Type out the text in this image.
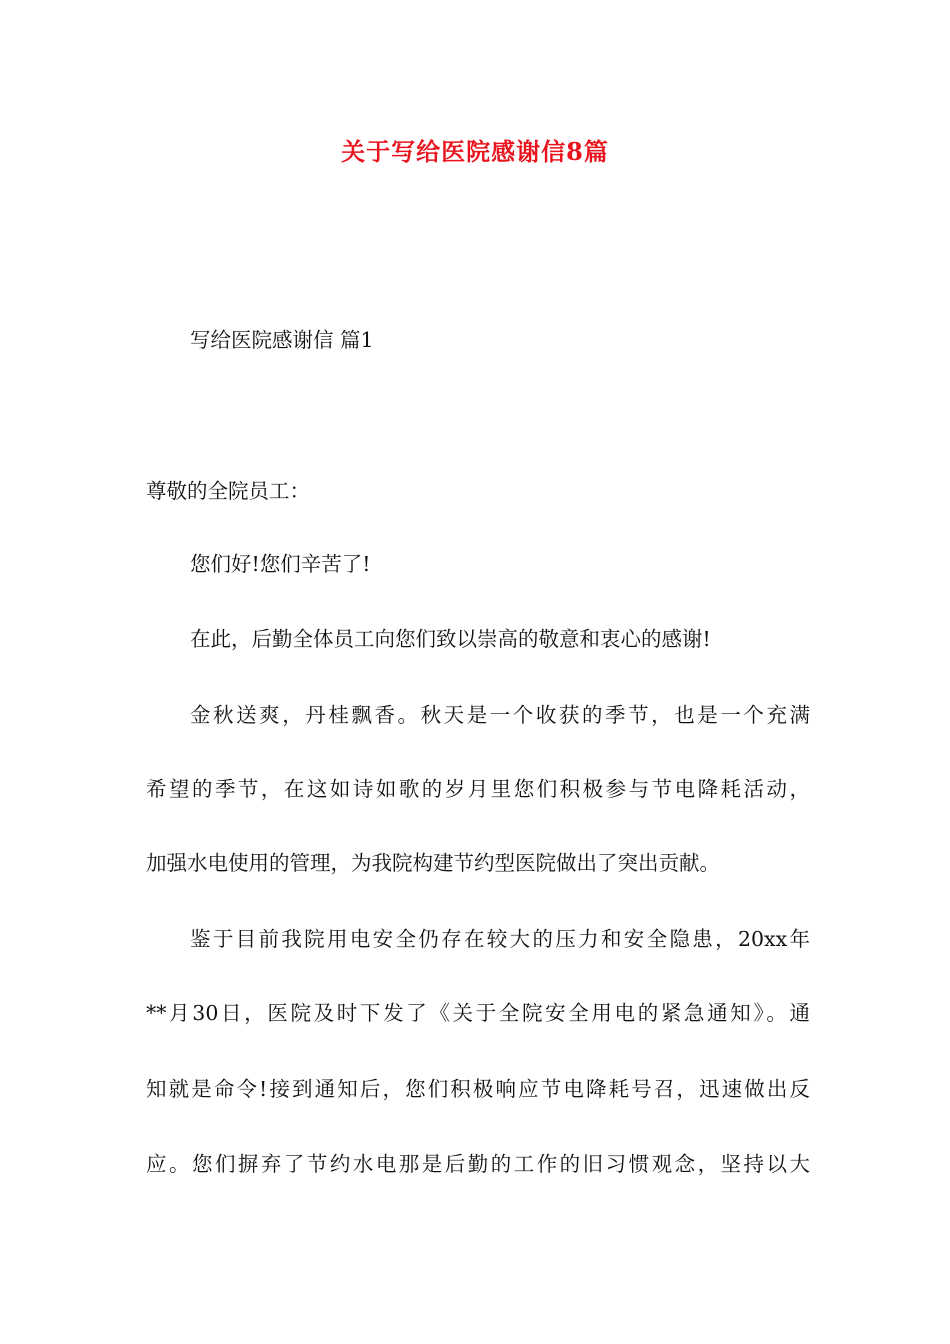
关于写给医院感谢信8篇

写给医院感谢信 篇1

尊敬的全院员工：

您们好!您们辛苦了!

在此，后勤全体员工向您们致以崇高的敬意和衷心的感谢!

金秋送爽，丹桂飘香。秋天是一个收获的季节，也是一个充满

希望的季节，在这如诗如歌的岁月里您们积极参与节电降耗活动，

加强水电使用的管理，为我院构建节约型医院做出了突出贡献。

鉴于目前我院用电安全仍存在较大的压力和安全隐患，20xx年

**月30日，医院及时下发了《关于全院安全用电的紧急通知》。通

知就是命令!接到通知后，您们积极响应节电降耗号召，迅速做出反

应。您们摒弃了节约水电那是后勤的工作的旧习惯观念，坚持以大
